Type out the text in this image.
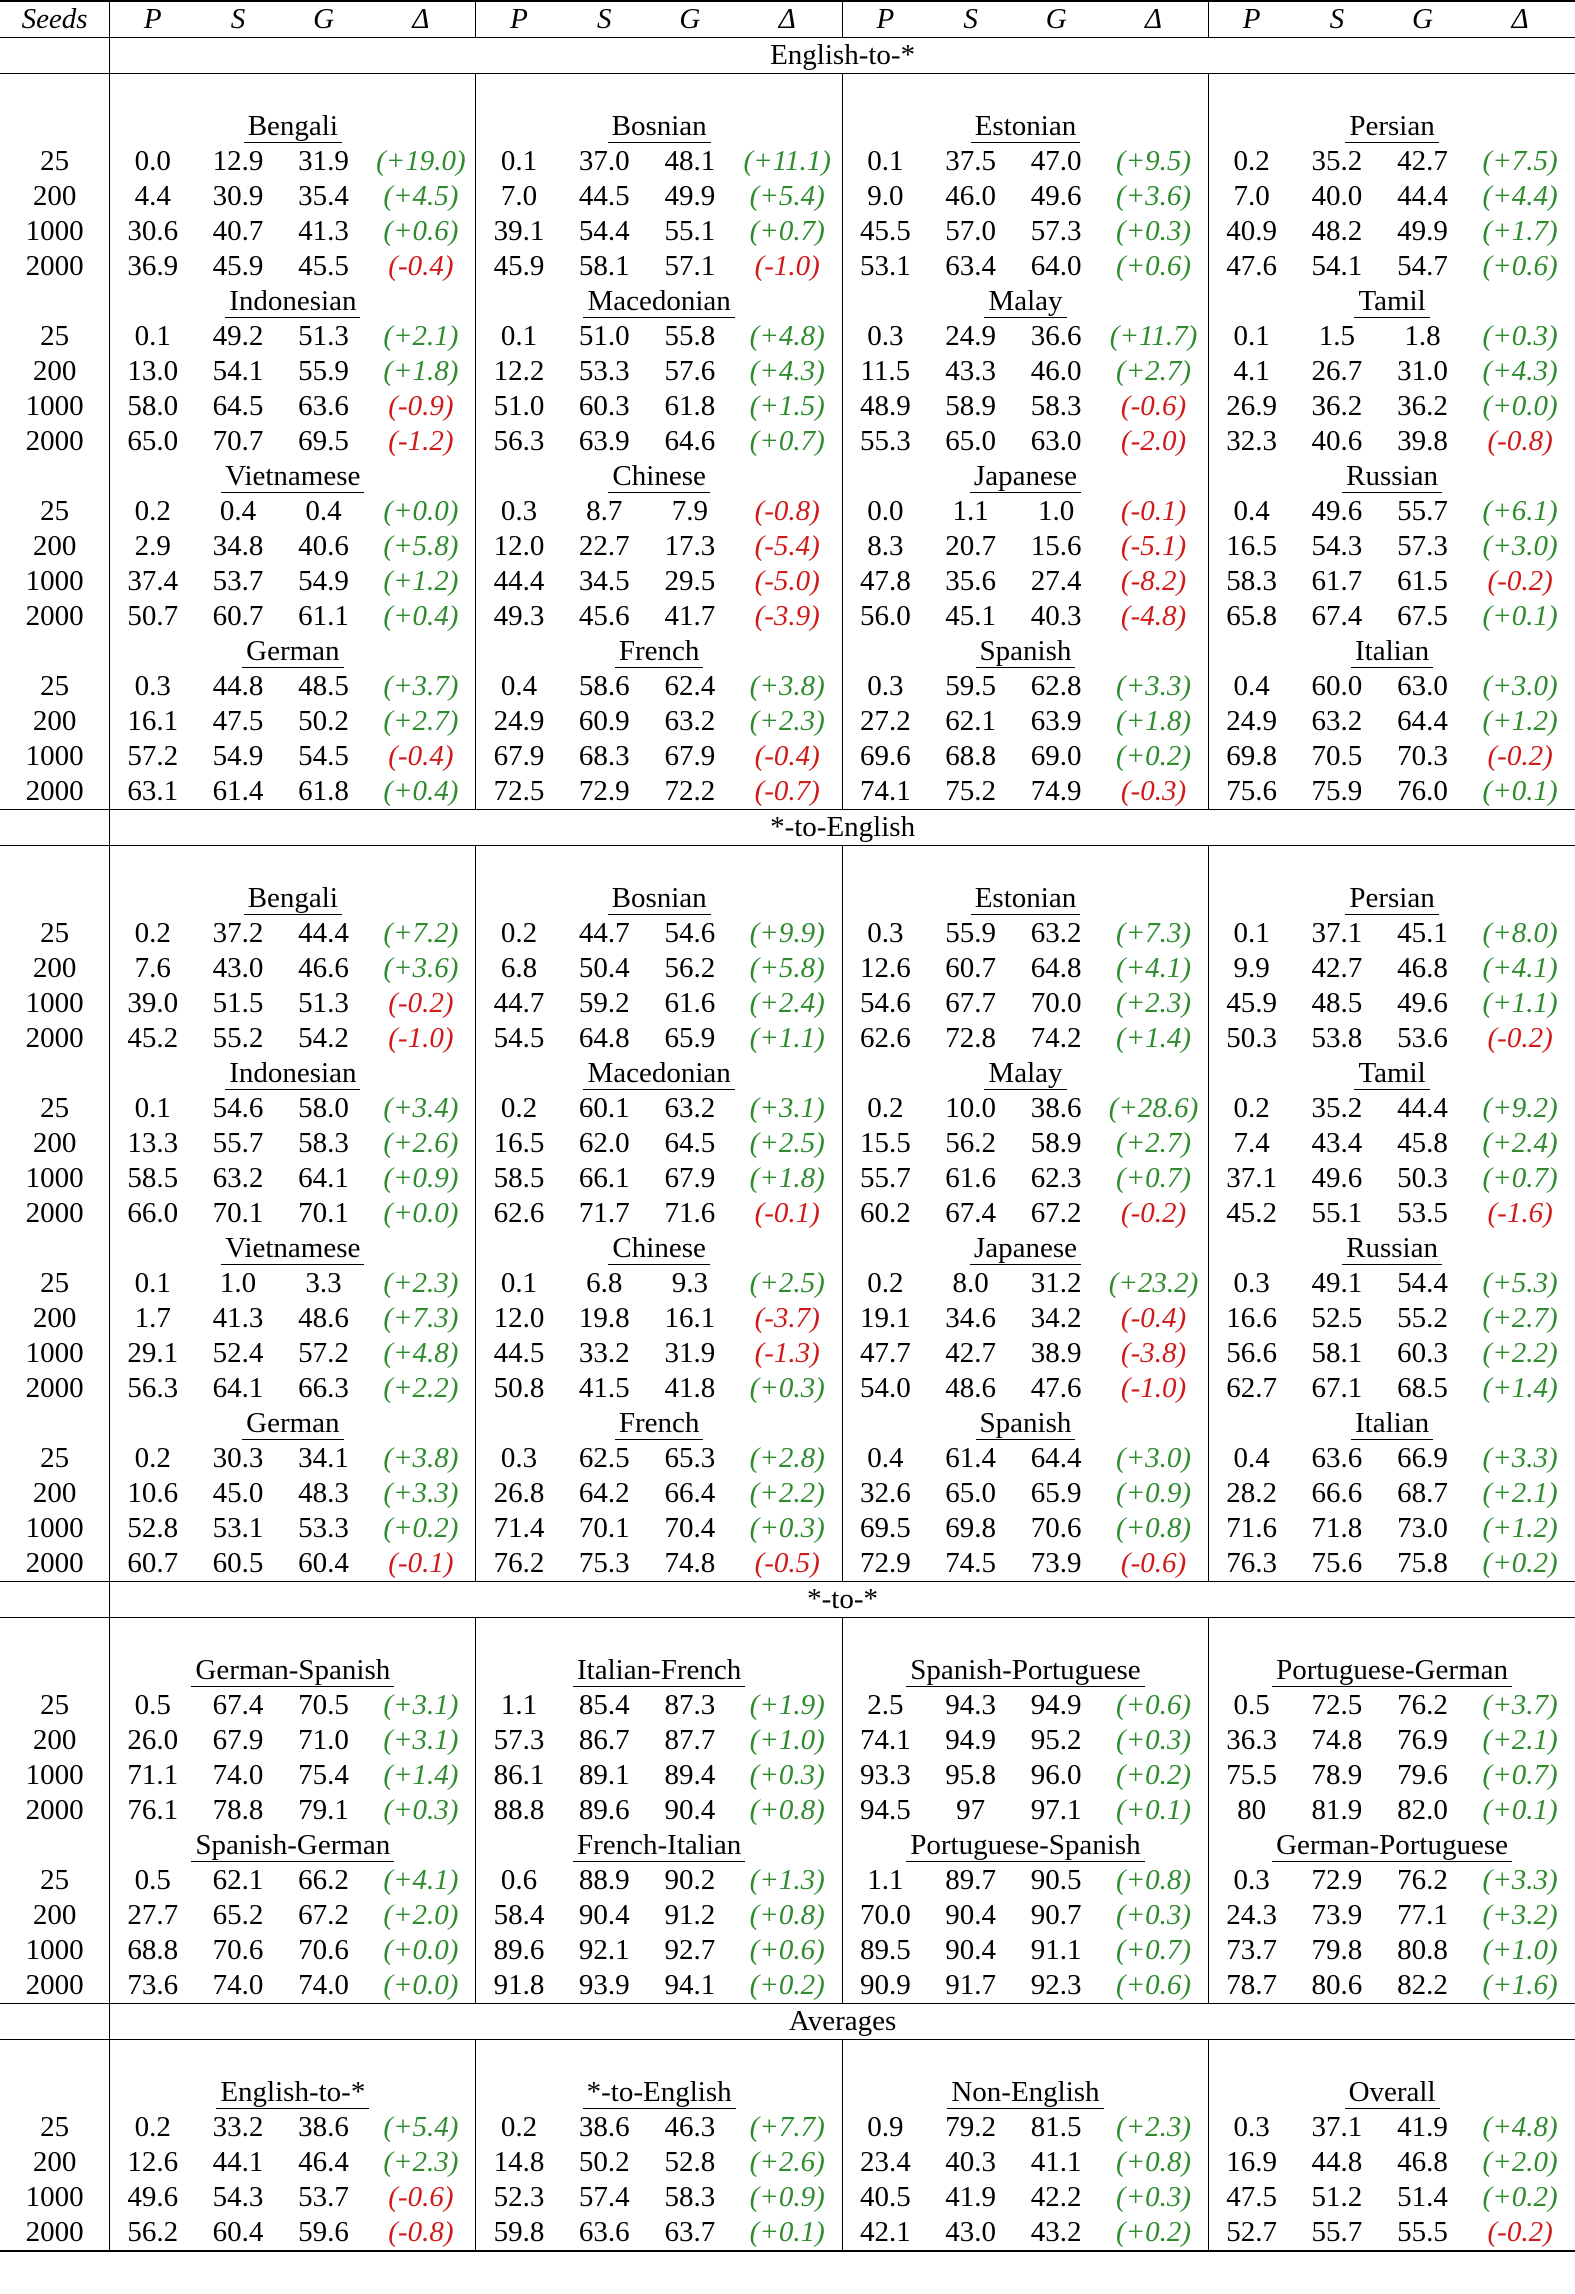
Seeds	P	S	G	Δ	P	S	G	Δ	P	S	G	Δ	P	S	G	Δ
	English-to-*															

	Bengali				Bosnian				Estonian				Persian			
25	0.0	12.9	31.9	(+19.0)	0.1	37.0	48.1	(+11.1)	0.1	37.5	47.0	(+9.5)	0.2	35.2	42.7	(+7.5)
200	4.4	30.9	35.4	(+4.5)	7.0	44.5	49.9	(+5.4)	9.0	46.0	49.6	(+3.6)	7.0	40.0	44.4	(+4.4)
1000	30.6	40.7	41.3	(+0.6)	39.1	54.4	55.1	(+0.7)	45.5	57.0	57.3	(+0.3)	40.9	48.2	49.9	(+1.7)
2000	36.9	45.9	45.5	(-0.4)	45.9	58.1	57.1	(-1.0)	53.1	63.4	64.0	(+0.6)	47.6	54.1	54.7	(+0.6)
	Indonesian				Macedonian				Malay				Tamil			
25	0.1	49.2	51.3	(+2.1)	0.1	51.0	55.8	(+4.8)	0.3	24.9	36.6	(+11.7)	0.1	1.5	1.8	(+0.3)
200	13.0	54.1	55.9	(+1.8)	12.2	53.3	57.6	(+4.3)	11.5	43.3	46.0	(+2.7)	4.1	26.7	31.0	(+4.3)
1000	58.0	64.5	63.6	(-0.9)	51.0	60.3	61.8	(+1.5)	48.9	58.9	58.3	(-0.6)	26.9	36.2	36.2	(+0.0)
2000	65.0	70.7	69.5	(-1.2)	56.3	63.9	64.6	(+0.7)	55.3	65.0	63.0	(-2.0)	32.3	40.6	39.8	(-0.8)
	Vietnamese				Chinese				Japanese				Russian			
25	0.2	0.4	0.4	(+0.0)	0.3	8.7	7.9	(-0.8)	0.0	1.1	1.0	(-0.1)	0.4	49.6	55.7	(+6.1)
200	2.9	34.8	40.6	(+5.8)	12.0	22.7	17.3	(-5.4)	8.3	20.7	15.6	(-5.1)	16.5	54.3	57.3	(+3.0)
1000	37.4	53.7	54.9	(+1.2)	44.4	34.5	29.5	(-5.0)	47.8	35.6	27.4	(-8.2)	58.3	61.7	61.5	(-0.2)
2000	50.7	60.7	61.1	(+0.4)	49.3	45.6	41.7	(-3.9)	56.0	45.1	40.3	(-4.8)	65.8	67.4	67.5	(+0.1)
	German				French				Spanish				Italian			
25	0.3	44.8	48.5	(+3.7)	0.4	58.6	62.4	(+3.8)	0.3	59.5	62.8	(+3.3)	0.4	60.0	63.0	(+3.0)
200	16.1	47.5	50.2	(+2.7)	24.9	60.9	63.2	(+2.3)	27.2	62.1	63.9	(+1.8)	24.9	63.2	64.4	(+1.2)
1000	57.2	54.9	54.5	(-0.4)	67.9	68.3	67.9	(-0.4)	69.6	68.8	69.0	(+0.2)	69.8	70.5	70.3	(-0.2)
2000	63.1	61.4	61.8	(+0.4)	72.5	72.9	72.2	(-0.7)	74.1	75.2	74.9	(-0.3)	75.6	75.9	76.0	(+0.1)
	*-to-English															

	Bengali				Bosnian				Estonian				Persian			
25	0.2	37.2	44.4	(+7.2)	0.2	44.7	54.6	(+9.9)	0.3	55.9	63.2	(+7.3)	0.1	37.1	45.1	(+8.0)
200	7.6	43.0	46.6	(+3.6)	6.8	50.4	56.2	(+5.8)	12.6	60.7	64.8	(+4.1)	9.9	42.7	46.8	(+4.1)
1000	39.0	51.5	51.3	(-0.2)	44.7	59.2	61.6	(+2.4)	54.6	67.7	70.0	(+2.3)	45.9	48.5	49.6	(+1.1)
2000	45.2	55.2	54.2	(-1.0)	54.5	64.8	65.9	(+1.1)	62.6	72.8	74.2	(+1.4)	50.3	53.8	53.6	(-0.2)
	Indonesian				Macedonian				Malay				Tamil			
25	0.1	54.6	58.0	(+3.4)	0.2	60.1	63.2	(+3.1)	0.2	10.0	38.6	(+28.6)	0.2	35.2	44.4	(+9.2)
200	13.3	55.7	58.3	(+2.6)	16.5	62.0	64.5	(+2.5)	15.5	56.2	58.9	(+2.7)	7.4	43.4	45.8	(+2.4)
1000	58.5	63.2	64.1	(+0.9)	58.5	66.1	67.9	(+1.8)	55.7	61.6	62.3	(+0.7)	37.1	49.6	50.3	(+0.7)
2000	66.0	70.1	70.1	(+0.0)	62.6	71.7	71.6	(-0.1)	60.2	67.4	67.2	(-0.2)	45.2	55.1	53.5	(-1.6)
	Vietnamese				Chinese				Japanese				Russian			
25	0.1	1.0	3.3	(+2.3)	0.1	6.8	9.3	(+2.5)	0.2	8.0	31.2	(+23.2)	0.3	49.1	54.4	(+5.3)
200	1.7	41.3	48.6	(+7.3)	12.0	19.8	16.1	(-3.7)	19.1	34.6	34.2	(-0.4)	16.6	52.5	55.2	(+2.7)
1000	29.1	52.4	57.2	(+4.8)	44.5	33.2	31.9	(-1.3)	47.7	42.7	38.9	(-3.8)	56.6	58.1	60.3	(+2.2)
2000	56.3	64.1	66.3	(+2.2)	50.8	41.5	41.8	(+0.3)	54.0	48.6	47.6	(-1.0)	62.7	67.1	68.5	(+1.4)
	German				French				Spanish				Italian			
25	0.2	30.3	34.1	(+3.8)	0.3	62.5	65.3	(+2.8)	0.4	61.4	64.4	(+3.0)	0.4	63.6	66.9	(+3.3)
200	10.6	45.0	48.3	(+3.3)	26.8	64.2	66.4	(+2.2)	32.6	65.0	65.9	(+0.9)	28.2	66.6	68.7	(+2.1)
1000	52.8	53.1	53.3	(+0.2)	71.4	70.1	70.4	(+0.3)	69.5	69.8	70.6	(+0.8)	71.6	71.8	73.0	(+1.2)
2000	60.7	60.5	60.4	(-0.1)	76.2	75.3	74.8	(-0.5)	72.9	74.5	73.9	(-0.6)	76.3	75.6	75.8	(+0.2)
	*-to-*															

	German-Spanish				Italian-French				Spanish-Portuguese				Portuguese-German			
25	0.5	67.4	70.5	(+3.1)	1.1	85.4	87.3	(+1.9)	2.5	94.3	94.9	(+0.6)	0.5	72.5	76.2	(+3.7)
200	26.0	67.9	71.0	(+3.1)	57.3	86.7	87.7	(+1.0)	74.1	94.9	95.2	(+0.3)	36.3	74.8	76.9	(+2.1)
1000	71.1	74.0	75.4	(+1.4)	86.1	89.1	89.4	(+0.3)	93.3	95.8	96.0	(+0.2)	75.5	78.9	79.6	(+0.7)
2000	76.1	78.8	79.1	(+0.3)	88.8	89.6	90.4	(+0.8)	94.5	97	97.1	(+0.1)	80	81.9	82.0	(+0.1)
	Spanish-German				French-Italian				Portuguese-Spanish				German-Portuguese			
25	0.5	62.1	66.2	(+4.1)	0.6	88.9	90.2	(+1.3)	1.1	89.7	90.5	(+0.8)	0.3	72.9	76.2	(+3.3)
200	27.7	65.2	67.2	(+2.0)	58.4	90.4	91.2	(+0.8)	70.0	90.4	90.7	(+0.3)	24.3	73.9	77.1	(+3.2)
1000	68.8	70.6	70.6	(+0.0)	89.6	92.1	92.7	(+0.6)	89.5	90.4	91.1	(+0.7)	73.7	79.8	80.8	(+1.0)
2000	73.6	74.0	74.0	(+0.0)	91.8	93.9	94.1	(+0.2)	90.9	91.7	92.3	(+0.6)	78.7	80.6	82.2	(+1.6)
	Averages															

	English-to-*				*-to-English				Non-English				Overall			
25	0.2	33.2	38.6	(+5.4)	0.2	38.6	46.3	(+7.7)	0.9	79.2	81.5	(+2.3)	0.3	37.1	41.9	(+4.8)
200	12.6	44.1	46.4	(+2.3)	14.8	50.2	52.8	(+2.6)	23.4	40.3	41.1	(+0.8)	16.9	44.8	46.8	(+2.0)
1000	49.6	54.3	53.7	(-0.6)	52.3	57.4	58.3	(+0.9)	40.5	41.9	42.2	(+0.3)	47.5	51.2	51.4	(+0.2)
2000	56.2	60.4	59.6	(-0.8)	59.8	63.6	63.7	(+0.1)	42.1	43.0	43.2	(+0.2)	52.7	55.7	55.5	(-0.2)
